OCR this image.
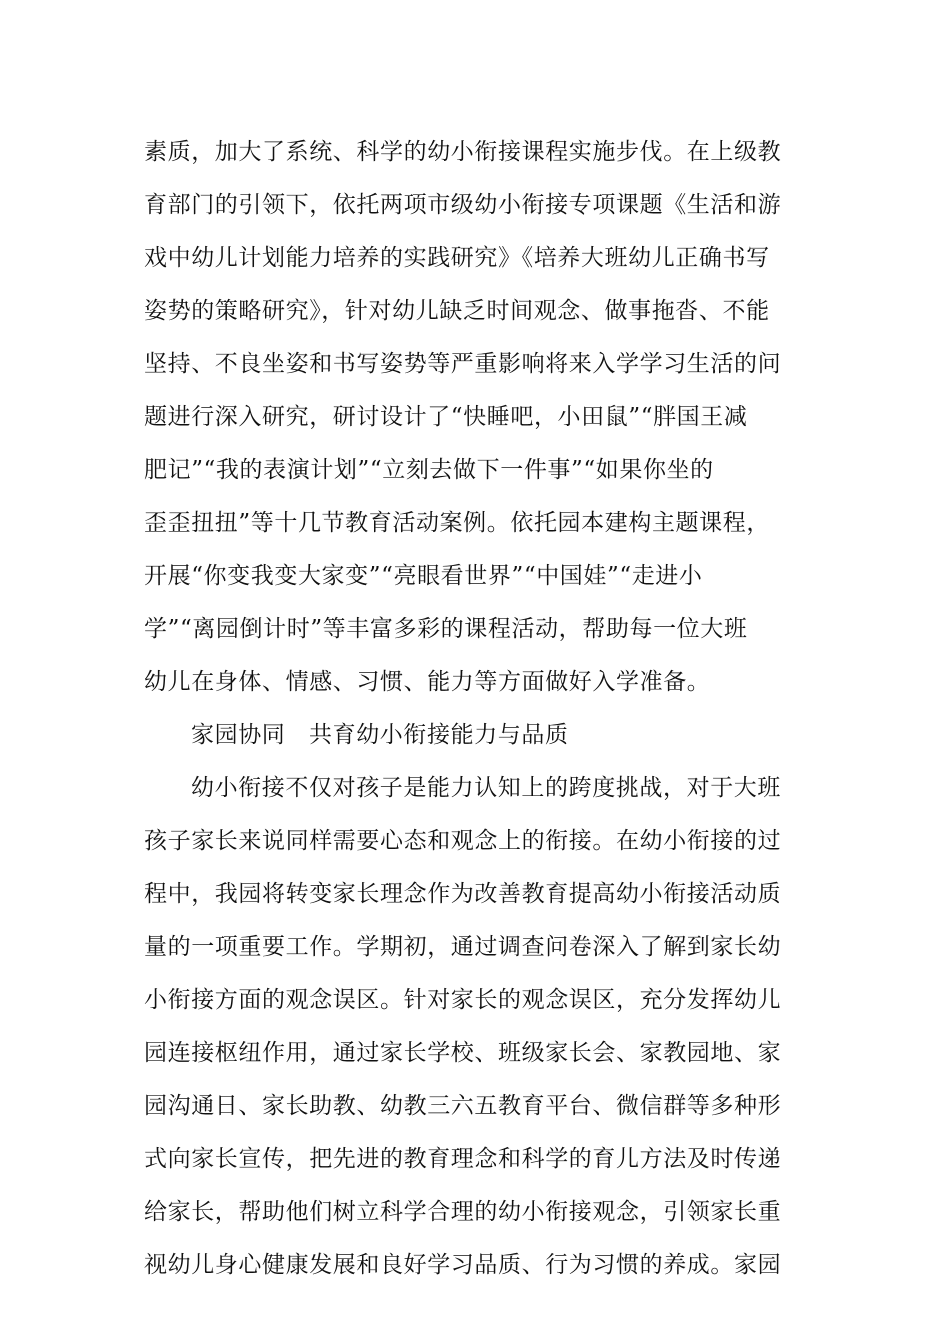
素质，加大了系统、科学的幼小衔接课程实施步伐。在上级教
育部门的引领下，依托两项市级幼小衔接专项课题《生活和游
戏中幼儿计划能力培养的实践研究》《培养大班幼儿正确书写
姿势的策略研究》，针对幼儿缺乏时间观念、做事拖沓、不能
坚持、不良坐姿和书写姿势等严重影响将来入学学习生活的问
题进行深入研究，研讨设计了“快睡吧，小田鼠”“胖国王减
肥记”“我的表演计划”“立刻去做下一件事”“如果你坐的
歪歪扭扭”等十几节教育活动案例。依托园本建构主题课程，
开展“你变我变大家变”“亮眼看世界”“中国娃”“走进小
学”“离园倒计时”等丰富多彩的课程活动，帮助每一位大班
幼儿在身体、情感、习惯、能力等方面做好入学准备。
家园协同　共育幼小衔接能力与品质
幼小衔接不仅对孩子是能力认知上的跨度挑战，对于大班
孩子家长来说同样需要心态和观念上的衔接。在幼小衔接的过
程中，我园将转变家长理念作为改善教育提高幼小衔接活动质
量的一项重要工作。学期初，通过调查问卷深入了解到家长幼
小衔接方面的观念误区。针对家长的观念误区，充分发挥幼儿
园连接枢纽作用，通过家长学校、班级家长会、家教园地、家
园沟通日、家长助教、幼教三六五教育平台、微信群等多种形
式向家长宣传，把先进的教育理念和科学的育儿方法及时传递
给家长，帮助他们树立科学合理的幼小衔接观念，引领家长重
视幼儿身心健康发展和良好学习品质、行为习惯的养成。家园
